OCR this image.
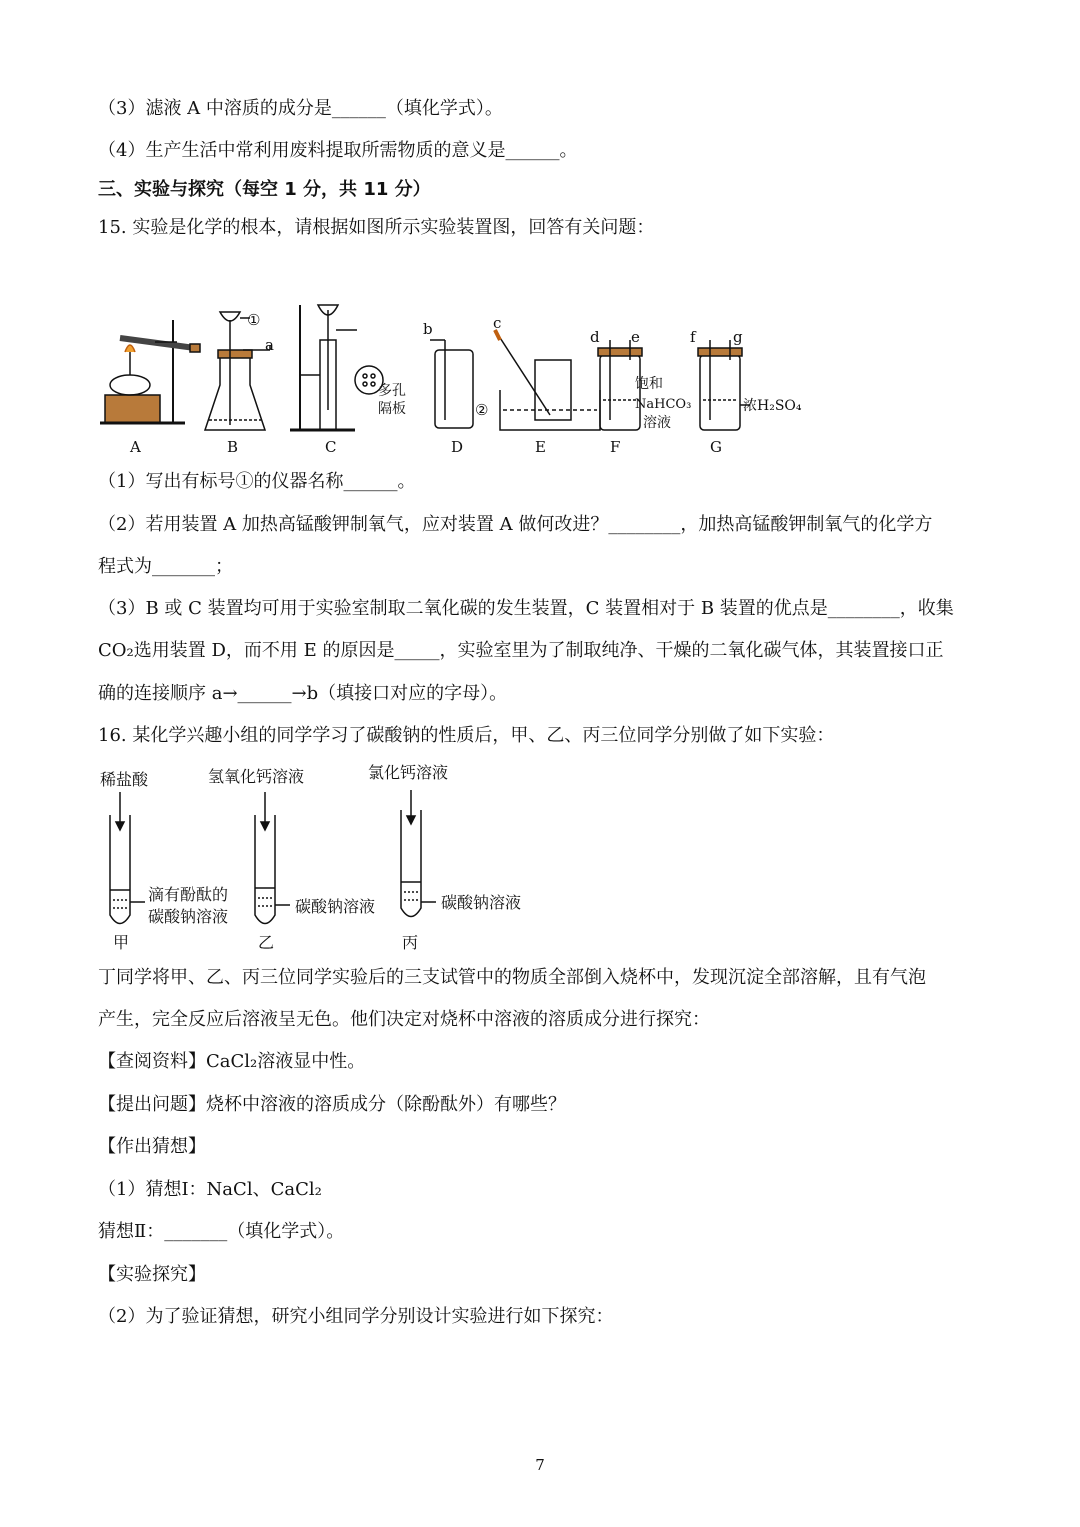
（3）滤液 A 中溶质的成分是______（填化学式）。
（4）生产生活中常利用废料提取所需物质的意义是______。
三、实验与探究（每空 1 分，共 11 分）
15. 实验是化学的根本，请根据如图所示实验装置图，回答有关问题：
A	B	C	D	E	F	G
①
②
a
b	c
d e	f g
多孔
隔板
饱和
NaHCO₃
溶液
浓H₂SO₄
（1）写出有标号①的仪器名称______。
（2）若用装置 A 加热高锰酸钾制氧气，应对装置 A 做何改进？________，加热高锰酸钾制氧气的化学方
程式为_______；
（3）B 或 C 装置均可用于实验室制取二氧化碳的发生装置，C 装置相对于 B 装置的优点是________，收集
CO₂选用装置 D，而不用 E 的原因是_____，实验室里为了制取纯净、干燥的二氧化碳气体，其装置接口正
确的连接顺序 a→______→b（填接口对应的字母）。
16. 某化学兴趣小组的同学学习了碳酸钠的性质后，甲、乙、丙三位同学分别做了如下实验：
稀盐酸
滴有酚酞的
碳酸钠溶液
甲
氢氧化钙溶液
碳酸钠溶液
乙
氯化钙溶液
碳酸钠溶液
丙
丁同学将甲、乙、丙三位同学实验后的三支试管中的物质全部倒入烧杯中，发现沉淀全部溶解，且有气泡
产生，完全反应后溶液呈无色。他们决定对烧杯中溶液的溶质成分进行探究：
【查阅资料】CaCl₂溶液显中性。
【提出问题】烧杯中溶液的溶质成分（除酚酞外）有哪些？
【作出猜想】
（1）猜想Ⅰ：NaCl、CaCl₂
猜想Ⅱ：_______（填化学式）。
【实验探究】
（2）为了验证猜想，研究小组同学分别设计实验进行如下探究：
7
